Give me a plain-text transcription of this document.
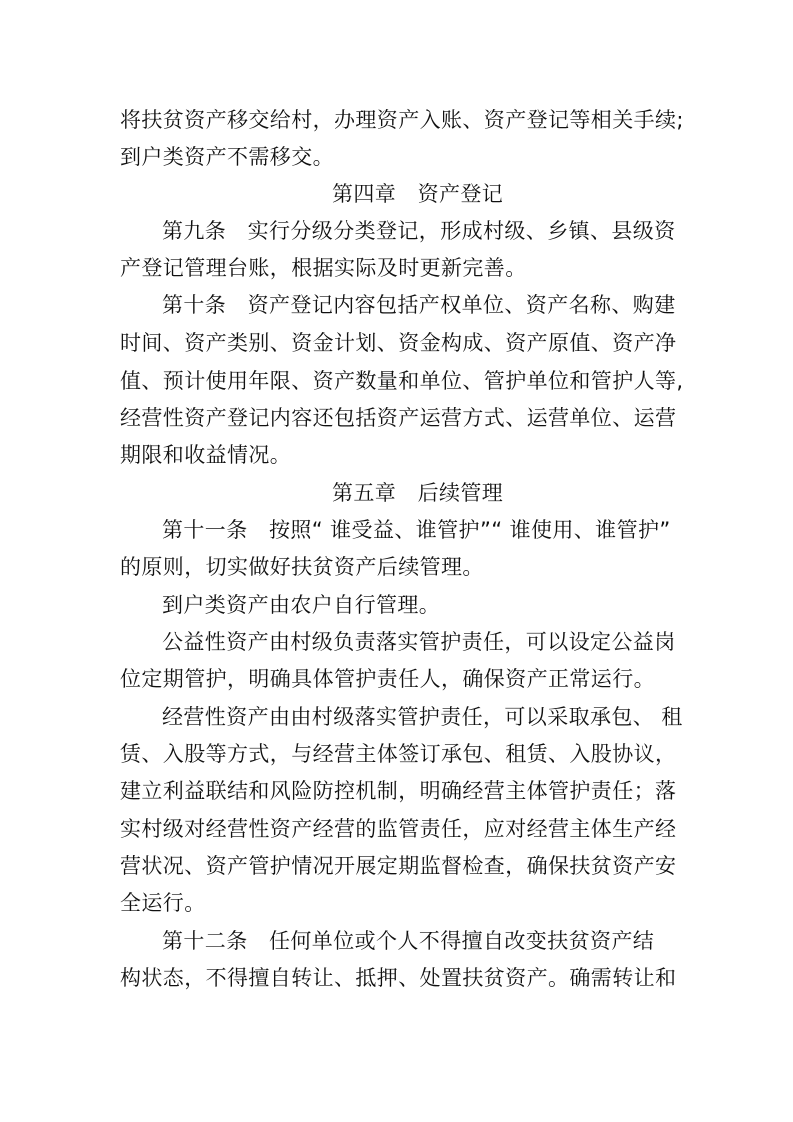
将扶贫资产移交给村，办理资产入账、资产登记等相关手续;
到户类资产不需移交。
第四章　资产登记
第九条　实行分级分类登记，形成村级、乡镇、县级资
产登记管理台账，根据实际及时更新完善。
第十条　资产登记内容包括产权单位、资产名称、购建
时间、资产类别、资金计划、资金构成、资产原值、资产净
值、预计使用年限、资产数量和单位、管护单位和管护人等,
经营性资产登记内容还包括资产运营方式、运营单位、运营
期限和收益情况。
第五章　后续管理
第十一条　按照“ 谁受益、谁管护”“ 谁使用、谁管护”
的原则，切实做好扶贫资产后续管理。
到户类资产由农户自行管理。
公益性资产由村级负责落实管护责任，可以设定公益岗
位定期管护，明确具体管护责任人，确保资产正常运行。
经营性资产由由村级落实管护责任，可以采取承包、 租
赁、入股等方式，与经营主体签订承包、租赁、入股协议，
建立利益联结和风险防控机制，明确经营主体管护责任；落
实村级对经营性资产经营的监管责任，应对经营主体生产经
营状况、资产管护情况开展定期监督检查，确保扶贫资产安
全运行。
第十二条　任何单位或个人不得擅自改变扶贫资产结
构状态，不得擅自转让、抵押、处置扶贫资产。确需转让和
